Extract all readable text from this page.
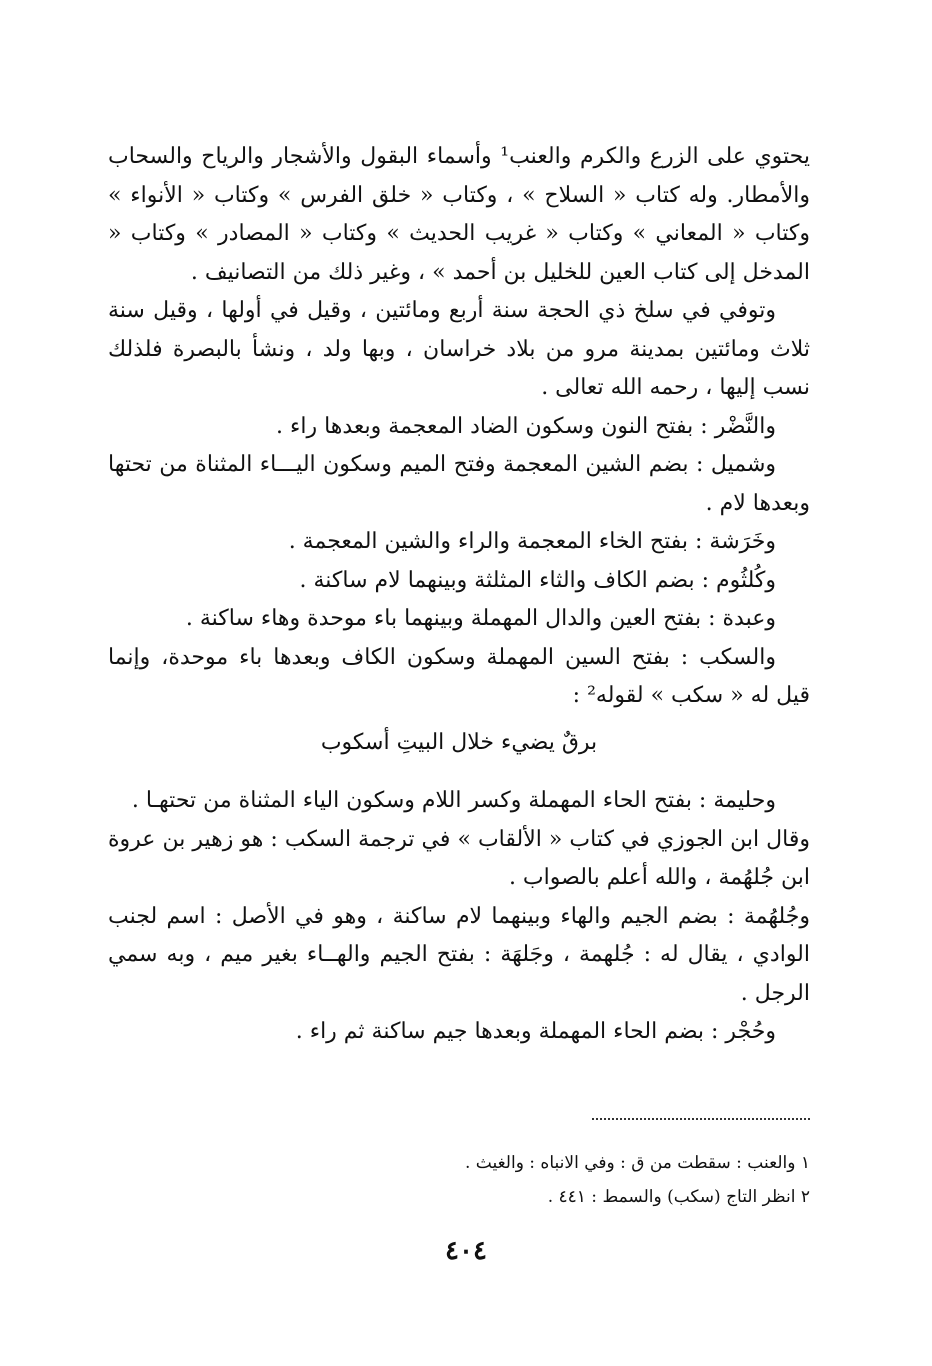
يحتوي على الزرع والكرم والعنب¹ وأسماء البقول والأشجار والرياح والسحاب والأمطار. وله كتاب « السلاح » ، وكتاب « خلق الفرس » وكتاب « الأنواء » وكتاب « المعاني » وكتاب « غريب الحديث » وكتاب « المصادر » وكتاب « المدخل إلى كتاب العين للخليل بن أحمد » ، وغير ذلك من التصانيف .

وتوفي في سلخ ذي الحجة سنة أربع ومائتين ، وقيل في أولها ، وقيل سنة ثلاث ومائتين بمدينة مرو من بلاد خراسان ، وبها ولد ، ونشأ بالبصرة فلذلك نسب إليها ، رحمه الله تعالى .

والنَّضْر : بفتح النون وسكون الضاد المعجمة وبعدها راء .

وشميل : بضم الشين المعجمة وفتح الميم وسكون اليـــاء المثناة من تحتها وبعدها لام .

وخَرَشة : بفتح الخاء المعجمة والراء والشين المعجمة .

وكُلثُوم : بضم الكاف والثاء المثلثة وبينهما لام ساكنة .

وعبدة : بفتح العين والدال المهملة وبينهما باء موحدة وهاء ساكنة .

والسكب : بفتح السين المهملة وسكون الكاف وبعدها باء موحدة، وإنما قيل له « سكب » لقوله² :

برقٌ يضيء خلال البيتِ أسكوب

وحليمة : بفتح الحاء المهملة وكسر اللام وسكون الياء المثناة من تحتهـا .

وقال ابن الجوزي في كتاب « الألقاب » في ترجمة السكب : هو زهير بن عروة ابن جُلهُمة ، والله أعلم بالصواب .

وجُلهُمة : بضم الجيم والهاء وبينهما لام ساكنة ، وهو في الأصل : اسم لجنب الوادي ، يقال له : جُلهمة ، وجَلهَة : بفتح الجيم والهــاء بغير ميم ، وبه سمي الرجل .

وحُجْر : بضم الحاء المهملة وبعدها جيم ساكنة ثم راء .

١ والعنب : سقطت من ق : وفي الانباه : والغيث .

٢ انظر التاج (سكب) والسمط : ٤٤١ .

٤٠٤
